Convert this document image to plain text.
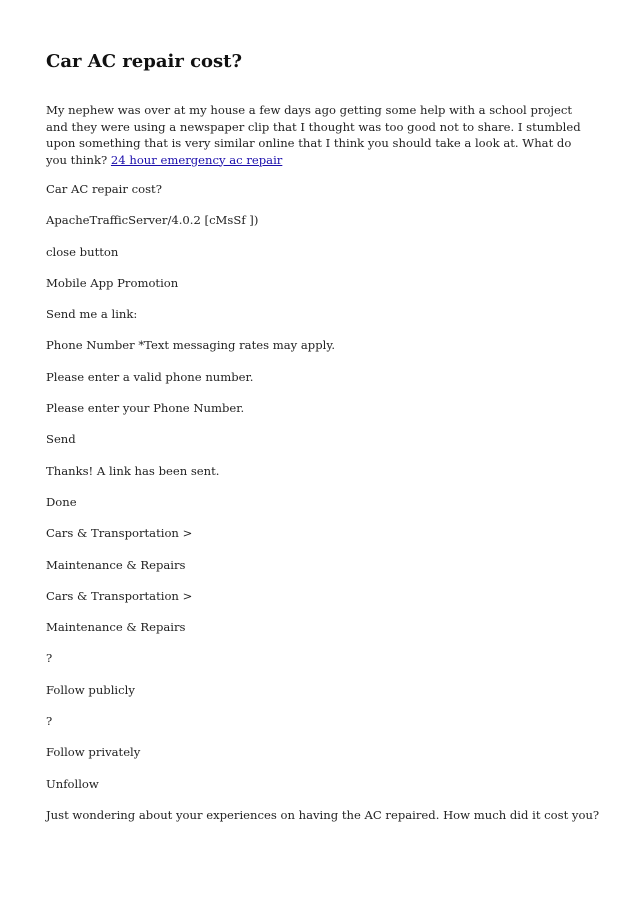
Car AC repair cost?

My nephew was over at my house a few days ago getting some help with a school project and they were using a newspaper clip that I thought was too good not to share. I stumbled upon something that is very similar online that I think you should take a look at. What do you think? 24 hour emergency ac repair

Car AC repair cost?

ApacheTrafficServer/4.0.2 [cMsSf ])

close button

Mobile App Promotion

Send me a link:

Phone Number *Text messaging rates may apply.

Please enter a valid phone number.

Please enter your Phone Number.

Send

Thanks! A link has been sent.

Done

Cars & Transportation >

Maintenance & Repairs

Cars & Transportation >

Maintenance & Repairs

?

Follow publicly

?

Follow privately

Unfollow

Just wondering about your experiences on having the AC repaired. How much did it cost you?
